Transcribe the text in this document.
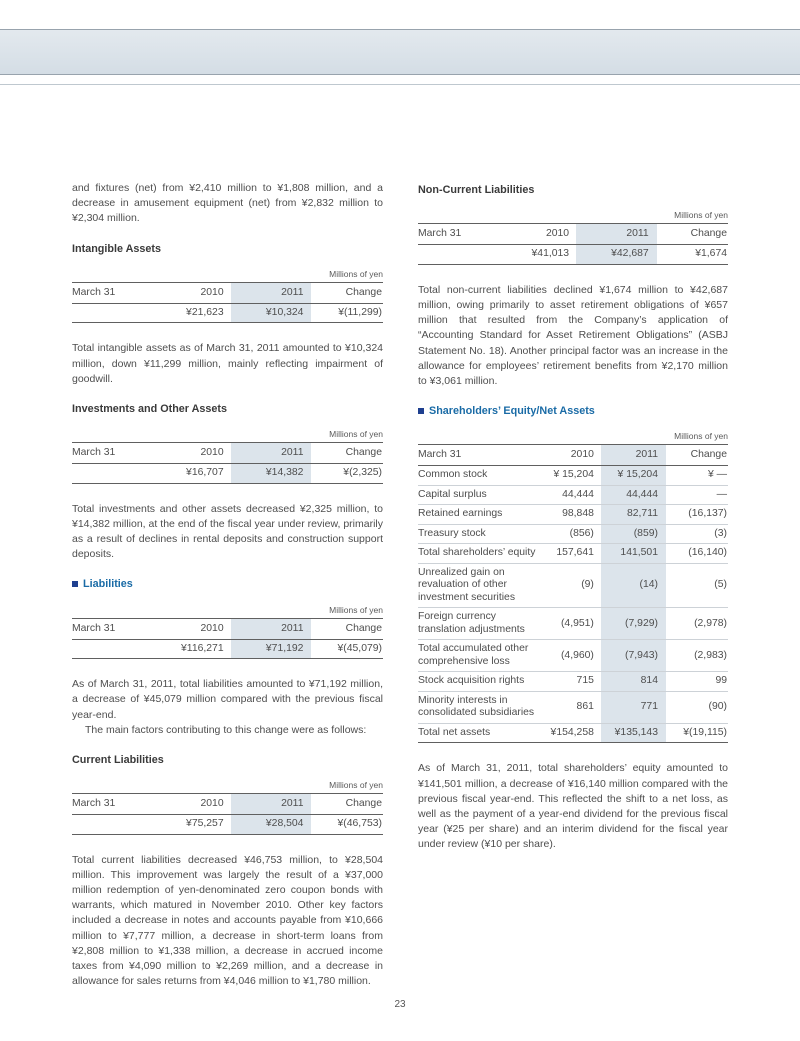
and fixtures (net) from ¥2,410 million to ¥1,808 million, and a decrease in amusement equipment (net) from ¥2,832 million to ¥2,304 million.

Intangible Assets
Millions of yen
March 31	2010	2011	Change
	¥21,623	¥10,324	¥(11,299)

Total intangible assets as of March 31, 2011 amounted to ¥10,324 million, down ¥11,299 million, mainly reflecting impairment of goodwill.

Investments and Other Assets
Millions of yen
March 31	2010	2011	Change
	¥16,707	¥14,382	¥(2,325)

Total investments and other assets decreased ¥2,325 million, to ¥14,382 million, at the end of the fiscal year under review, primarily as a result of declines in rental deposits and construction support deposits.

Liabilities
Millions of yen
March 31	2010	2011	Change
	¥116,271	¥71,192	¥(45,079)

As of March 31, 2011, total liabilities amounted to ¥71,192 million, a decrease of ¥45,079 million compared with the previous fiscal year-end.

The main factors contributing to this change were as follows:

Current Liabilities
Millions of yen
March 31	2010	2011	Change
	¥75,257	¥28,504	¥(46,753)

Total current liabilities decreased ¥46,753 million, to ¥28,504 million. This improvement was largely the result of a ¥37,000 million redemption of yen-denominated zero coupon bonds with warrants, which matured in November 2010. Other key factors included a decrease in notes and accounts payable from ¥10,666 million to ¥7,777 million, a decrease in short-term loans from ¥2,808 million to ¥1,338 million, a decrease in accrued income taxes from ¥4,090 million to ¥2,269 million, and a decrease in allowance for sales returns from ¥4,046 million to ¥1,780 million.

Non-Current Liabilities
Millions of yen
March 31	2010	2011	Change
	¥41,013	¥42,687	¥1,674

Total non-current liabilities declined ¥1,674 million to ¥42,687 million, owing primarily to asset retirement obligations of ¥657 million that resulted from the Company’s application of “Accounting Standard for Asset Retirement Obligations” (ASBJ Statement No. 18). Another principal factor was an increase in the allowance for employees’ retirement benefits from ¥2,170 million to ¥3,061 million.

Shareholders’ Equity/Net Assets
Millions of yen
March 31	2010	2011	Change
Common stock	¥ 15,204	¥ 15,204	¥ —
Capital surplus	44,444	44,444	—
Retained earnings	98,848	82,711	(16,137)
Treasury stock	(856)	(859)	(3)
Total shareholders’ equity	157,641	141,501	(16,140)
Unrealized gain on revaluation of other investment securities	(9)	(14)	(5)
Foreign currency translation adjustments	(4,951)	(7,929)	(2,978)
Total accumulated other comprehensive loss	(4,960)	(7,943)	(2,983)
Stock acquisition rights	715	814	99
Minority interests in consolidated subsidiaries	861	771	(90)
Total net assets	¥154,258	¥135,143	¥(19,115)

As of March 31, 2011, total shareholders’ equity amounted to ¥141,501 million, a decrease of ¥16,140 million compared with the previous fiscal year-end. This reflected the shift to a net loss, as well as the payment of a year-end dividend for the previous fiscal year (¥25 per share) and an interim dividend for the fiscal year under review (¥10 per share).

23
